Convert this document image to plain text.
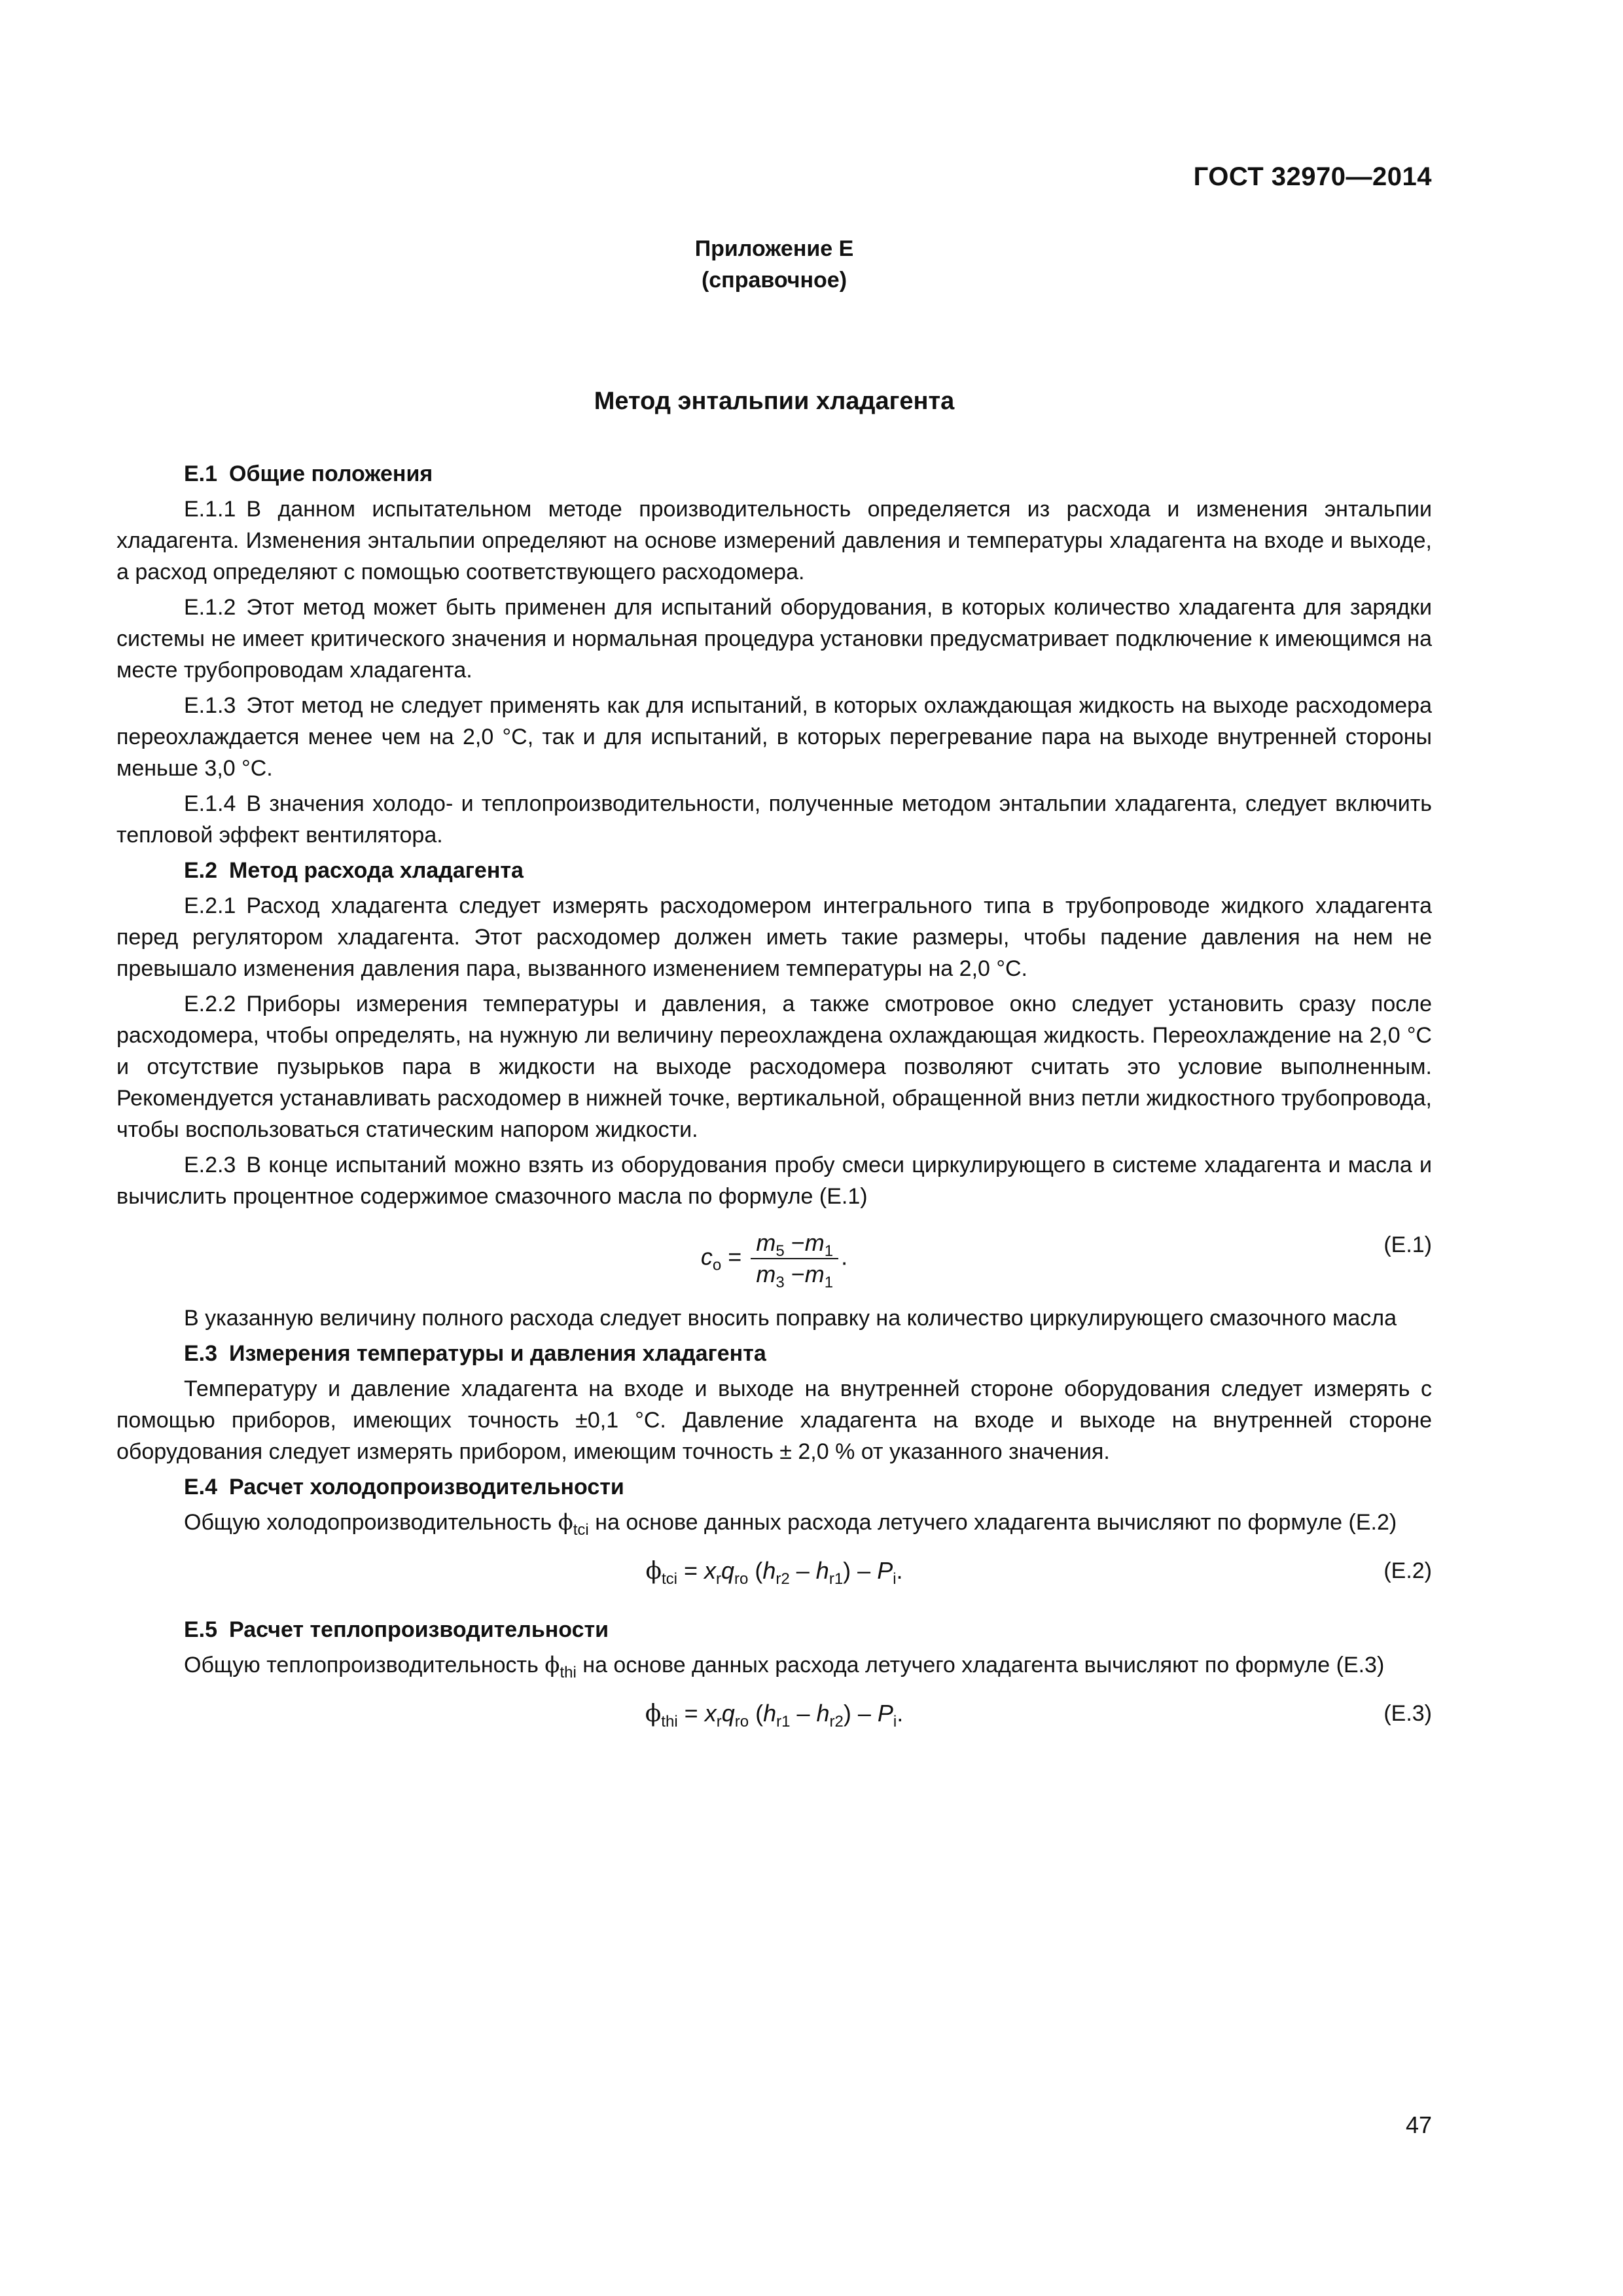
ГОСТ 32970—2014
Приложение Е
(справочное)
Метод энтальпии хладагента
Е.1 Общие положения
Е.1.1 В данном испытательном методе производительность определяется из расхода и изменения энтальпии хладагента. Изменения энтальпии определяют на основе измерений давления и температуры хладагента на входе и выходе, а расход определяют с помощью соответствующего расходомера.
Е.1.2 Этот метод может быть применен для испытаний оборудования, в которых количество хладагента для зарядки системы не имеет критического значения и нормальная процедура установки предусматривает подключение к имеющимся на месте трубопроводам хладагента.
Е.1.3 Этот метод не следует применять как для испытаний, в которых охлаждающая жидкость на выходе расходомера переохлаждается менее чем на 2,0 °С, так и для испытаний, в которых перегревание пара на выходе внутренней стороны меньше 3,0 °С.
Е.1.4 В значения холодо- и теплопроизводительности, полученные методом энтальпии хладагента, следует включить тепловой эффект вентилятора.
Е.2 Метод расхода хладагента
Е.2.1 Расход хладагента следует измерять расходомером интегрального типа в трубопроводе жидкого хладагента перед регулятором хладагента. Этот расходомер должен иметь такие размеры, чтобы падение давления на нем не превышало изменения давления пара, вызванного изменением температуры на 2,0 °С.
Е.2.2 Приборы измерения температуры и давления, а также смотровое окно следует установить сразу после расходомера, чтобы определять, на нужную ли величину переохлаждена охлаждающая жидкость. Переохлаждение на 2,0 °С и отсутствие пузырьков пара в жидкости на выходе расходомера позволяют считать это условие выполненным. Рекомендуется устанавливать расходомер в нижней точке, вертикальной, обращенной вниз петли жидкостного трубопровода, чтобы воспользоваться статическим напором жидкости.
Е.2.3 В конце испытаний можно взять из оборудования пробу смеси циркулирующего в системе хладагента и масла и вычислить процентное содержимое смазочного масла по формуле (Е.1)
$c_o = \frac{m_5 -m_1}{m_3 -m_1}$ .	(Е.1)
В указанную величину полного расхода следует вносить поправку на количество циркулирующего смазочного масла
Е.3 Измерения температуры и давления хладагента
Температуру и давление хладагента на входе и выходе на внутренней стороне оборудования следует измерять с помощью приборов, имеющих точность ±0,1 °С. Давление хладагента на входе и выходе на внутренней стороне оборудования следует измерять прибором, имеющим точность ± 2,0 % от указанного значения.
Е.4 Расчет холодопроизводительности
Общую холодопроизводительность $\phi_{tci}$ на основе данных расхода летучего хладагента вычисляют по формуле (Е.2)
$\phi_{tci} = x_rq_{ro}$ $(h_{r2} - h_{r1}) - P_i$.	(Е.2)
Е.5 Расчет теплопроизводительности
Общую теплопроизводительность $\phi_{thi}$ на основе данных расхода летучего хладагента вычисляют по формуле (Е.3)
$\phi_{thi} = x_rq_{ro}$ $(h_{r1} - h_{r2}) - P_i$.	(Е.3)
47
